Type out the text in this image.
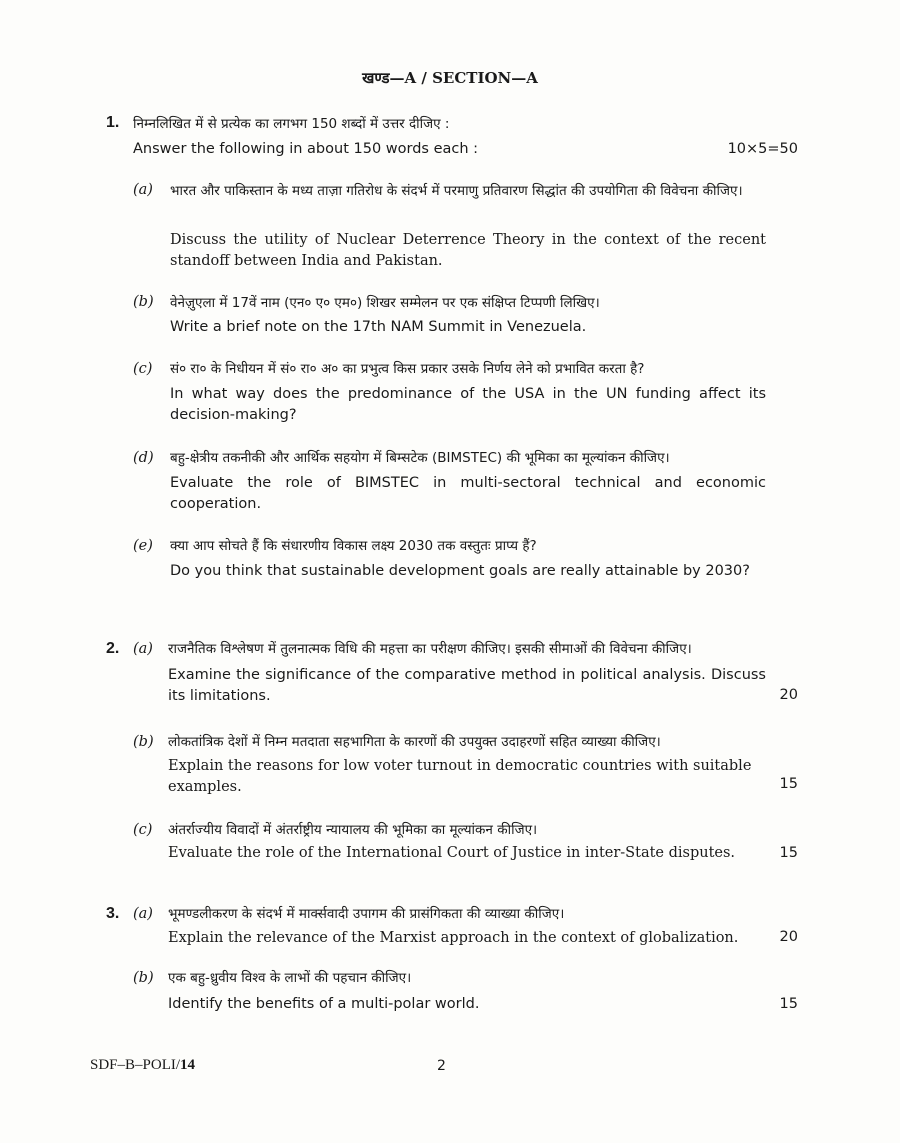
खण्ड—A / SECTION—A
1. निम्नलिखित में से प्रत्येक का लगभग 150 शब्दों में उत्तर दीजिए :
Answer the following in about 150 words each :	10×5=50
(a) भारत और पाकिस्तान के मध्य ताज़ा गतिरोध के संदर्भ में परमाणु प्रतिवारण सिद्धांत की उपयोगिता की विवेचना कीजिए।
Discuss the utility of Nuclear Deterrence Theory in the context of the recent standoff between India and Pakistan.
(b) वेनेज़ुएला में 17वें नाम (एन० ए० एम०) शिखर सम्मेलन पर एक संक्षिप्त टिप्पणी लिखिए।
Write a brief note on the 17th NAM Summit in Venezuela.
(c) सं० रा० के निधीयन में सं० रा० अ० का प्रभुत्व किस प्रकार उसके निर्णय लेने को प्रभावित करता है?
In what way does the predominance of the USA in the UN funding affect its decision-making?
(d) बहु-क्षेत्रीय तकनीकी और आर्थिक सहयोग में बिम्सटेक (BIMSTEC) की भूमिका का मूल्यांकन कीजिए।
Evaluate the role of BIMSTEC in multi-sectoral technical and economic cooperation.
(e) क्या आप सोचते हैं कि संधारणीय विकास लक्ष्य 2030 तक वस्तुतः प्राप्य हैं?
Do you think that sustainable development goals are really attainable by 2030?
2. (a) राजनैतिक विश्लेषण में तुलनात्मक विधि की महत्ता का परीक्षण कीजिए। इसकी सीमाओं की विवेचना कीजिए।
Examine the significance of the comparative method in political analysis. Discuss its limitations.	20
(b) लोकतांत्रिक देशों में निम्न मतदाता सहभागिता के कारणों की उपयुक्त उदाहरणों सहित व्याख्या कीजिए।
Explain the reasons for low voter turnout in democratic countries with suitable examples.	15
(c) अंतर्राज्यीय विवादों में अंतर्राष्ट्रीय न्यायालय की भूमिका का मूल्यांकन कीजिए।
Evaluate the role of the International Court of Justice in inter-State disputes.	15
3. (a) भूमण्डलीकरण के संदर्भ में मार्क्सवादी उपागम की प्रासंगिकता की व्याख्या कीजिए।
Explain the relevance of the Marxist approach in the context of globalization.	20
(b) एक बहु-ध्रुवीय विश्व के लाभों की पहचान कीजिए।
Identify the benefits of a multi-polar world.	15
SDF–B–POLI/14	2
